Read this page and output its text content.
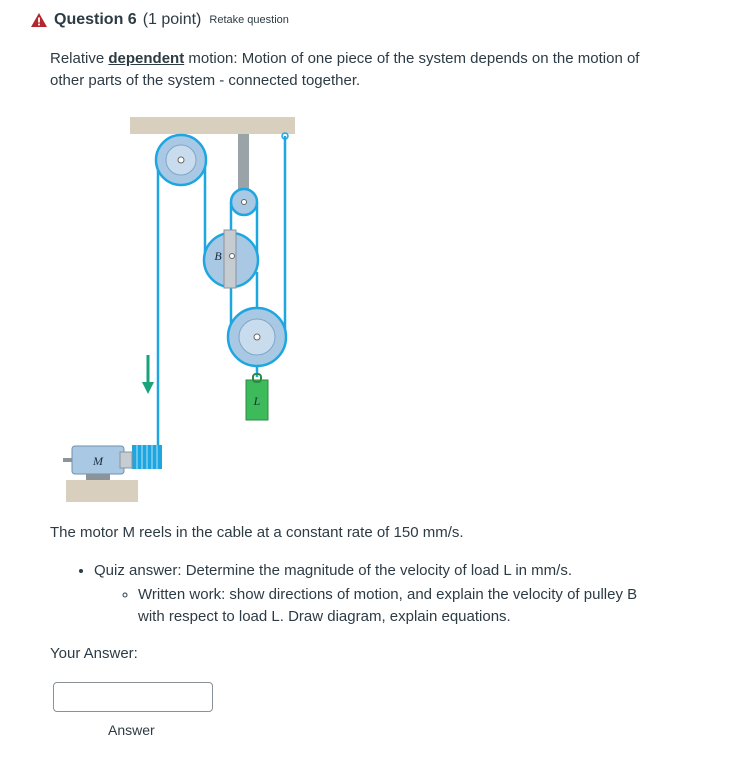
Question 6 (1 point) Retake question
Relative dependent motion: Motion of one piece of the system depends on the motion of other parts of the system - connected together.
B
L
M
The motor M reels in the cable at a constant rate of 150 mm/s.
• Quiz answer: Determine the magnitude of the velocity of load L in mm/s.
◦ Written work: show directions of motion, and explain the velocity of pulley B with respect to load L. Draw diagram, explain equations.
Your Answer:
Answer
